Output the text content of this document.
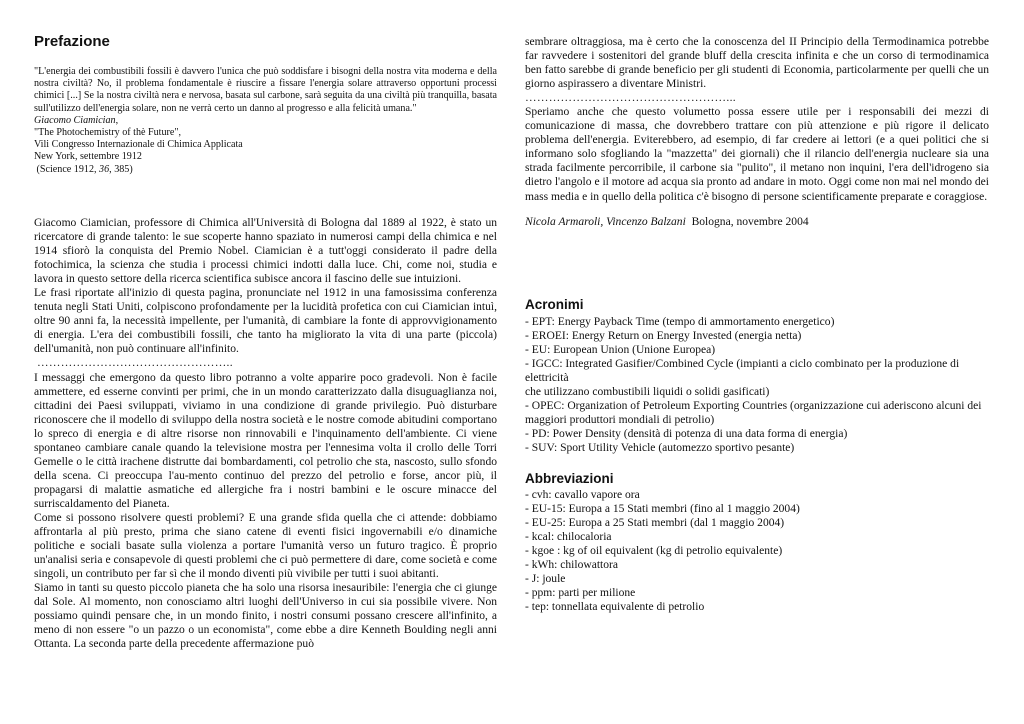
Prefazione

"L'energia dei combustibili fossili è davvero l'unica che può soddisfare i bisogni della nostra vita moderna e della nostra civiltà? No, il problema fondamentale è riuscire a fissare l'energia solare attraverso opportuni processi chimici [...] Se la nostra civiltà nera e nervosa, basata sul carbone, sarà seguita da una civiltà più tranquilla, basata sull'utilizzo dell'energia solare, non ne verrà certo un danno al progresso e alla felicità umana."

Giacomo Ciamician,
"The Photochemistry of thè Future",
Vili Congresso Internazionale di Chimica Applicata
New York, settembre 1912
(Science 1912, 36, 385)

Giacomo Ciamician, professore di Chimica all'Università di Bologna dal 1889 al 1922, è stato un ricercatore di grande talento: le sue scoperte hanno spaziato in numerosi campi della chimica e nel 1914 sfiorò la conquista del Premio Nobel. Ciamician è a tutt'oggi considerato il padre della fotochimica, la scienza che studia i processi chimici indotti dalla luce. Chi, come noi, studia e lavora in questo settore della ricerca scientifica subisce ancora il fascino delle sue intuizioni.

Le frasi riportate all'inizio di questa pagina, pronunciate nel 1912 in una famosissima conferenza tenuta negli Stati Uniti, colpiscono profondamente per la lucidità profetica con cui Ciamician intuì, oltre 90 anni fa, la necessità impellente, per l'umanità, di cambiare la fonte di approvvigionamento di energia. L'era dei combustibili fossili, che tanto ha migliorato la vita di una parte (piccola) dell'umanità, non può continuare all'infinito.

…………………………………………..

I messaggi che emergono da questo libro potranno a volte apparire poco gradevoli. Non è facile ammettere, ed esserne convinti per primi, che in un mondo caratterizzato dalla disuguaglianza noi, cittadini dei Paesi sviluppati, viviamo in una condizione di grande privilegio. Può disturbare riconoscere che il modello di sviluppo della nostra società e le nostre comode abitudini comportano lo spreco di energia e di altre risorse non rinnovabili e l'inquinamento dell'ambiente. Ci viene spontaneo cambiare canale quando la televisione mostra per l'ennesima volta il crollo delle Torri Gemelle o le città irachene distrutte dai bombardamenti, col petrolio che sta, nascosto, sullo sfondo della scena. Ci preoccupa l'au-mento continuo del prezzo del petrolio e forse, ancor più, il propagarsi di malattie asmatiche ed allergiche fra i nostri bambini e le oscure minacce del surriscaldamento del Pianeta.

Come si possono risolvere questi problemi? E una grande sfida quella che ci attende: dobbiamo affrontarla al più presto, prima che siano catene di eventi fisici ingovernabili e/o dinamiche politiche e sociali basate sulla violenza a portare l'umanità verso un futuro tragico. È proprio un'analisi seria e consapevole di questi problemi che ci può permettere di dare, come società e come singoli, un contributo per far sì che il mondo diventi più vivibile per tutti i suoi abitanti.

Siamo in tanti su questo piccolo pianeta che ha solo una risorsa inesauribile: l'energia che ci giunge dal Sole. Al momento, non conosciamo altri luoghi dell'Universo in cui sia possibile vivere. Non possiamo quindi pensare che, in un mondo finito, i nostri consumi possano crescere all'infinito, a meno di non essere "o un pazzo o un economista", come ebbe a dire Kenneth Boulding negli anni Ottanta. La seconda parte della precedente affermazione può

sembrare oltraggiosa, ma è certo che la conoscenza del II Principio della Termodinamica potrebbe far ravvedere i sostenitori del grande bluff della crescita infinita e che un corso di termodinamica ben fatto sarebbe di grande beneficio per gli studenti di Economia, particolarmente per quelli che un giorno aspirassero a diventare Ministri.

……………………………………………...

Speriamo anche che questo volumetto possa essere utile per i responsabili dei mezzi di comunicazione di massa, che dovrebbero trattare con più attenzione e più rigore il delicato problema dell'energia. Eviterebbero, ad esempio, di far credere ai lettori (e a quei politici che si informano solo sfogliando la "mazzetta" dei giornali) che il rilancio dell'energia nucleare sia una strada facilmente percorribile, il carbone sia "pulito", il metano non inquini, l'era dell'idrogeno sia dietro l'angolo e il motore ad acqua sia pronto ad andare in moto. Oggi come non mai nel mondo dei mass media e in quello della politica c'è bisogno di persone scientificamente preparate e coraggiose.

Nicola Armaroli, Vincenzo Balzani Bologna, novembre 2004

Acronimi
- EPT: Energy Payback Time (tempo di ammortamento energetico)
- EROEI: Energy Return on Energy Invested (energia netta)
- EU: European Union (Unione Europea)
- IGCC: Integrated Gasifier/Combined Cycle (impianti a ciclo combinato per la produzione di elettricità
che utilizzano combustibili liquidi o solidi gasificati)
- OPEC: Organization of Petroleum Exporting Countries (organizzazione cui aderiscono alcuni dei maggiori produttori mondiali di petrolio)
- PD: Power Density (densità di potenza di una data forma di energia)
- SUV: Sport Utility Vehicle (automezzo sportivo pesante)
Abbreviazioni
- cvh: cavallo vapore ora
- EU-15: Europa a 15 Stati membri (fino al 1 maggio 2004)
- EU-25: Europa a 25 Stati membri (dal 1 maggio 2004)
- kcal: chilocaloria
- kgoe : kg of oil equivalent (kg di petrolio equivalente)
- kWh: chilowattora
- J: joule
- ppm: parti per milione
- tep: tonnellata equivalente di petrolio
